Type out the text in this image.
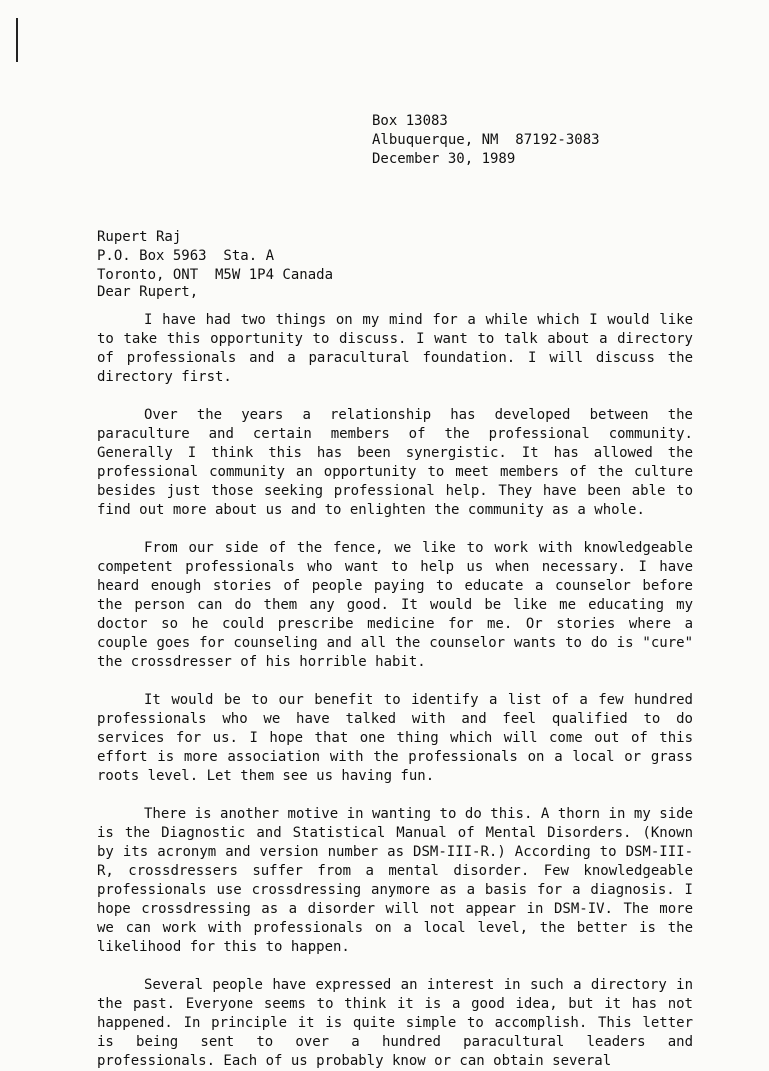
Box 13083
Albuquerque, NM  87192-3083
December 30, 1989
Rupert Raj
P.O. Box 5963  Sta. A
Toronto, ONT  M5W 1P4 Canada
Dear Rupert,

I have had two things on my mind for a while which I would like to take this opportunity to discuss. I want to talk about a directory of professionals and a paracultural foundation. I will discuss the directory first.

Over the years a relationship has developed between the paraculture and certain members of the professional community. Generally I think this has been synergistic. It has allowed the professional community an opportunity to meet members of the culture besides just those seeking professional help. They have been able to find out more about us and to enlighten the community as a whole.

From our side of the fence, we like to work with knowledgeable competent professionals who want to help us when necessary. I have heard enough stories of people paying to educate a counselor before the person can do them any good. It would be like me educating my doctor so he could prescribe medicine for me. Or stories where a couple goes for counseling and all the counselor wants to do is "cure" the crossdresser of his horrible habit.

It would be to our benefit to identify a list of a few hundred professionals who we have talked with and feel qualified to do services for us. I hope that one thing which will come out of this effort is more association with the professionals on a local or grass roots level. Let them see us having fun.

There is another motive in wanting to do this. A thorn in my side is the Diagnostic and Statistical Manual of Mental Disorders. (Known by its acronym and version number as DSM-III-R.) According to DSM-III-R, crossdressers suffer from a mental disorder. Few knowledgeable professionals use crossdressing anymore as a basis for a diagnosis. I hope crossdressing as a disorder will not appear in DSM-IV. The more we can work with professionals on a local level, the better is the likelihood for this to happen.

Several people have expressed an interest in such a directory in the past. Everyone seems to think it is a good idea, but it has not happened. In principle it is quite simple to accomplish. This letter is being sent to over a hundred paracultural leaders and professionals. Each of us probably know or can obtain several
